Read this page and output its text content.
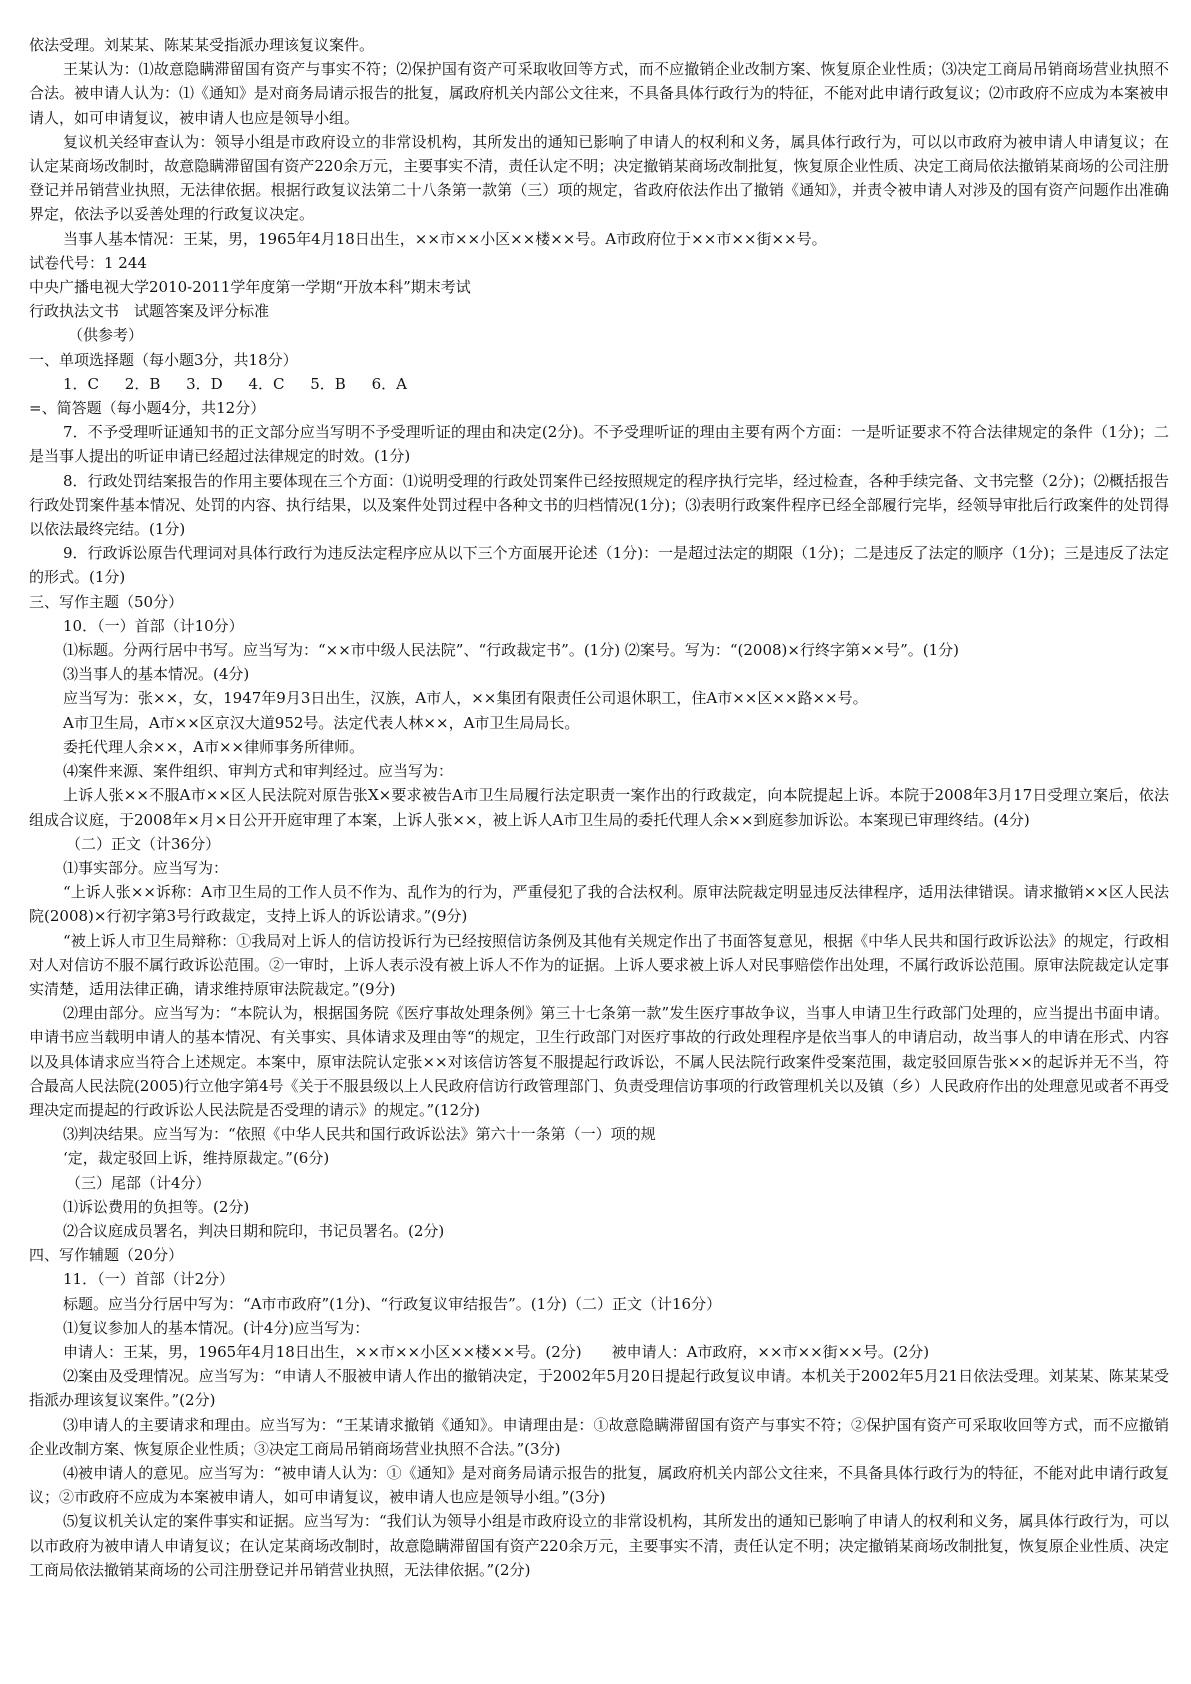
依法受理。刘某某、陈某某受指派办理该复议案件。

王某认为：⑴故意隐瞒滞留国有资产与事实不符；⑵保护国有资产可采取收回等方式，而不应撤销企业改制方案、恢复原企业性质；⑶决定工商局吊销商场营业执照不合法。被申请人认为：⑴《通知》是对商务局请示报告的批复，属政府机关内部公文往来，不具备具体行政行为的特征，不能对此申请行政复议；⑵市政府不应成为本案被申请人，如可申请复议，被申请人也应是领导小组。

复议机关经审查认为：领导小组是市政府设立的非常设机构，其所发出的通知已影响了申请人的权利和义务，属具体行政行为，可以以市政府为被申请人申请复议；在认定某商场改制时，故意隐瞒滞留国有资产220余万元，主要事实不清，责任认定不明；决定撤销某商场改制批复，恢复原企业性质、决定工商局依法撤销某商场的公司注册登记并吊销营业执照，无法律依据。根据行政复议法第二十八条第一款第（三）项的规定，省政府依法作出了撤销《通知》，并责令被申请人对涉及的国有资产问题作出准确界定，依法予以妥善处理的行政复议决定。

当事人基本情况：王某，男，1965年4月18日出生，××市××小区××楼××号。A市政府位于××市××街××号。

试卷代号：1 244

中央广播电视大学2010-2011学年度第一学期“开放本科”期末考试

行政执法文书　试题答案及评分标准

（供参考）

一、单项选择题（每小题3分，共18分）

1．C　 2．B　 3．D　 4．C　 5．B　 6．A

=、简答题（每小题4分，共12分）

7．不予受理听证通知书的正文部分应当写明不予受理听证的理由和决定(2分)。不予受理听证的理由主要有两个方面：一是听证要求不符合法律规定的条件（1分)；二是当事人提出的听证申请已经超过法律规定的时效。(1分)

8．行政处罚结案报告的作用主要体现在三个方面：⑴说明受理的行政处罚案件已经按照规定的程序执行完毕，经过检查，各种手续完备、文书完整（2分)；⑵概括报告行政处罚案件基本情况、处罚的内容、执行结果，以及案件处罚过程中各种文书的归档情况(1分)；⑶表明行政案件程序已经全部履行完毕，经领导审批后行政案件的处罚得以依法最终完结。(1分)

9．行政诉讼原告代理词对具体行政行为违反法定程序应从以下三个方面展开论述（1分)：一是超过法定的期限（1分)；二是违反了法定的顺序（1分)；三是违反了法定的形式。(1分)

三、写作主题（50分）

10．（一）首部（计10分）

⑴标题。分两行居中书写。应当写为：“××市中级人民法院”、“行政裁定书”。(1分) ⑵案号。写为：“(2008)×行终字第××号”。(1分)

⑶当事人的基本情况。(4分)

应当写为：张××，女，1947年9月3日出生，汉族，A市人，××集团有限责任公司退休职工，住A市××区××路××号。

A市卫生局，A市××区京汉大道952号。法定代表人林××，A市卫生局局长。

委托代理人余××，A市××律师事务所律师。

⑷案件来源、案件组织、审判方式和审判经过。应当写为：

上诉人张××不服A市××区人民法院对原告张X×要求被告A市卫生局履行法定职责一案作出的行政裁定，向本院提起上诉。本院于2008年3月17日受理立案后，依法组成合议庭，于2008年×月×日公开开庭审理了本案，上诉人张××，被上诉人A市卫生局的委托代理人余××到庭参加诉讼。本案现已审理终结。(4分)

（二）正文（计36分）

⑴事实部分。应当写为：

“上诉人张××诉称：A市卫生局的工作人员不作为、乱作为的行为，严重侵犯了我的合法权利。原审法院裁定明显违反法律程序，适用法律错误。请求撤销××区人民法院(2008)×行初字第3号行政裁定，支持上诉人的诉讼请求。”(9分)

“被上诉人市卫生局辩称：①我局对上诉人的信访投诉行为已经按照信访条例及其他有关规定作出了书面答复意见，根据《中华人民共和国行政诉讼法》的规定，行政相对人对信访不服不属行政诉讼范围。②一审时，上诉人表示没有被上诉人不作为的证据。上诉人要求被上诉人对民事赔偿作出处理，不属行政诉讼范围。原审法院裁定认定事实清楚，适用法律正确，请求维持原审法院裁定。”(9分)

⑵理由部分。应当写为：“本院认为，根据国务院《医疗事故处理条例》第三十七条第一款”发生医疗事故争议，当事人申请卫生行政部门处理的，应当提出书面申请。申请书应当载明申请人的基本情况、有关事实、具体请求及理由等“的规定，卫生行政部门对医疗事故的行政处理程序是依当事人的申请启动，故当事人的申请在形式、内容以及具体请求应当符合上述规定。本案中，原审法院认定张××对该信访答复不服提起行政诉讼，不属人民法院行政案件受案范围，裁定驳回原告张××的起诉并无不当，符合最高人民法院(2005)行立他字第4号《关于不服县级以上人民政府信访行政管理部门、负责受理信访事项的行政管理机关以及镇（乡）人民政府作出的处理意见或者不再受理决定而提起的行政诉讼人民法院是否受理的请示》的规定。”(12分)

⑶判决结果。应当写为：“依照《中华人民共和国行政诉讼法》第六十一条第（一）项的规

‘定，裁定驳回上诉，维持原裁定。”(6分)

（三）尾部（计4分）

⑴诉讼费用的负担等。(2分)

⑵合议庭成员署名，判决日期和院印，书记员署名。(2分)

四、写作辅题（20分）

11．（一）首部（计2分）

标题。应当分行居中写为：“A市市政府”(1分)、“行政复议审结报告”。(1分)（二）正文（计16分）

⑴复议参加人的基本情况。(计4分)应当写为：

申请人：王某，男，1965年4月18日出生，××市××小区××楼××号。(2分)　　被申请人：A市政府，××市××街××号。(2分)

⑵案由及受理情况。应当写为：“申请人不服被申请人作出的撤销决定，于2002年5月20日提起行政复议申请。本机关于2002年5月21日依法受理。刘某某、陈某某受指派办理该复议案件。”(2分)

⑶申请人的主要请求和理由。应当写为：“王某请求撤销《通知》。申请理由是：①故意隐瞒滞留国有资产与事实不符；②保护国有资产可采取收回等方式，而不应撤销企业改制方案、恢复原企业性质；③决定工商局吊销商场营业执照不合法。”(3分)

⑷被申请人的意见。应当写为：“被申请人认为：①《通知》是对商务局请示报告的批复，属政府机关内部公文往来，不具备具体行政行为的特征，不能对此申请行政复议；②市政府不应成为本案被申请人，如可申请复议，被申请人也应是领导小组。”(3分)

⑸复议机关认定的案件事实和证据。应当写为：“我们认为领导小组是市政府设立的非常设机构，其所发出的通知已影响了申请人的权利和义务，属具体行政行为，可以以市政府为被申请人申请复议；在认定某商场改制时，故意隐瞒滞留国有资产220余万元，主要事实不清，责任认定不明；决定撤销某商场改制批复，恢复原企业性质、决定工商局依法撤销某商场的公司注册登记并吊销营业执照，无法律依据。”(2分)
